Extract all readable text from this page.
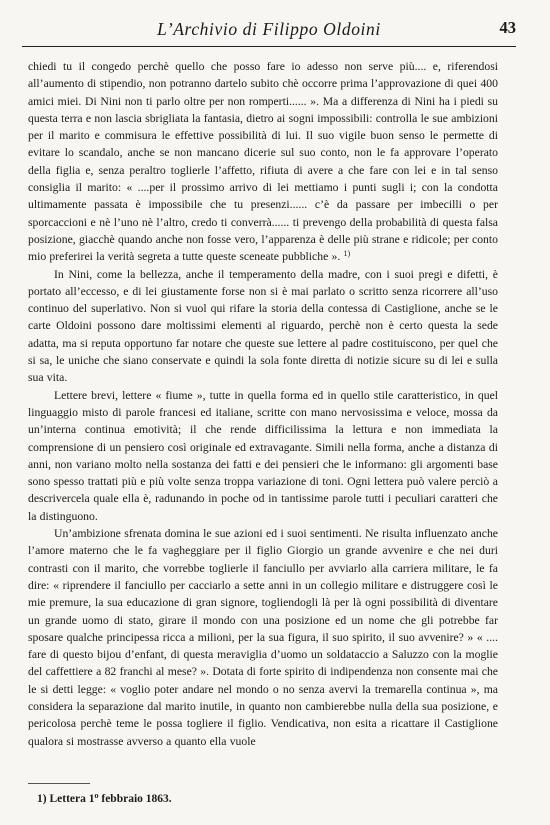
L’Archivio di Filippo Oldoini	43

chiedi tu il congedo perchè quello che posso fare io adesso non serve più.... e, riferendosi all’aumento di stipendio, non potranno dartelo subito chè occorre prima l’approvazione di quei 400 amici miei. Di Nini non ti parlo oltre per non romperti...... ». Ma a differenza di Nini ha i piedi su questa terra e non lascia sbrigliata la fantasia, dietro ai sogni impossibili: controlla le sue ambizioni per il marito e commisura le effettive possibilità di lui. Il suo vigile buon senso le permette di evitare lo scandalo, anche se non mancano dicerie sul suo conto, non le fa approvare l’operato della figlia e, senza peraltro toglierle l’affetto, rifiuta di avere a che fare con lei e in tal senso consiglia il marito: « ....per il prossimo arrivo di lei mettiamo i punti sugli i; con la condotta ultimamente passata è impossibile che tu presenzi...... c’è da passare per imbecilli o per sporcaccioni e nè l’uno nè l’altro, credo ti converrà...... ti prevengo della probabilità di questa falsa posizione, giacchè quando anche non fosse vero, l’apparenza è delle più strane e ridicole; per conto mio preferirei la verità segreta a tutte queste sceneate pubbliche ». $^{1)}$

In Nini, come la bellezza, anche il temperamento della madre, con i suoi pregi e difetti, è portato all’eccesso, e di lei giustamente forse non si è mai parlato o scritto senza ricorrere all’uso continuo del superlativo. Non si vuol qui rifare la storia della contessa di Castiglione, anche se le carte Oldoini possono dare moltissimi elementi al riguardo, perchè non è certo questa la sede adatta, ma si reputa opportuno far notare che queste sue lettere al padre costituiscono, per quel che si sa, le uniche che siano conservate e quindi la sola fonte diretta di notizie sicure su di lei e sulla sua vita.

Lettere brevi, lettere « fiume », tutte in quella forma ed in quello stile caratteristico, in quel linguaggio misto di parole francesi ed italiane, scritte con mano nervosissima e veloce, mossa da un’interna continua emotività; il che rende difficilissima la lettura e non immediata la comprensione di un pensiero così originale ed extravagante. Simili nella forma, anche a distanza di anni, non variano molto nella sostanza dei fatti e dei pensieri che le informano: gli argomenti base sono spesso trattati più e più volte senza troppa variazione di toni. Ogni lettera può valere perciò a descrivercela quale ella è, radunando in poche od in tantissime parole tutti i peculiari caratteri che la distinguono.

Un’ambizione sfrenata domina le sue azioni ed i suoi sentimenti. Ne risulta influenzato anche l’amore materno che le fa vagheggiare per il figlio Giorgio un grande avvenire e che nei duri contrasti con il marito, che vorrebbe toglierle il fanciullo per avviarlo alla carriera militare, le fa dire: « riprendere il fanciullo per cacciarlo a sette anni in un collegio militare e distruggere così le mie premure, la sua educazione di gran signore, togliendogli là per là ogni possibilità di diventare un grande uomo di stato, girare il mondo con una posizione ed un nome che gli potrebbe far sposare qualche principessa ricca a milioni, per la sua figura, il suo spirito, il suo avvenire? » « .... fare di questo bijou d’enfant, di questa meraviglia d’uomo un soldataccio a Saluzzo con la moglie del caffettiere a 82 franchi al mese? ». Dotata di forte spirito di indipendenza non consente mai che le si detti legge: « voglio poter andare nel mondo o no senza avervi la tremarella continua », ma considera la separazione dal marito inutile, in quanto non cambierebbe nulla della sua posizione, e pericolosa perchè teme le possa togliere il figlio. Vendicativa, non esita a ricattare il Castiglione qualora si mostrasse avverso a quanto ella vuole

1) Lettera 1$^o$ febbraio 1863.
